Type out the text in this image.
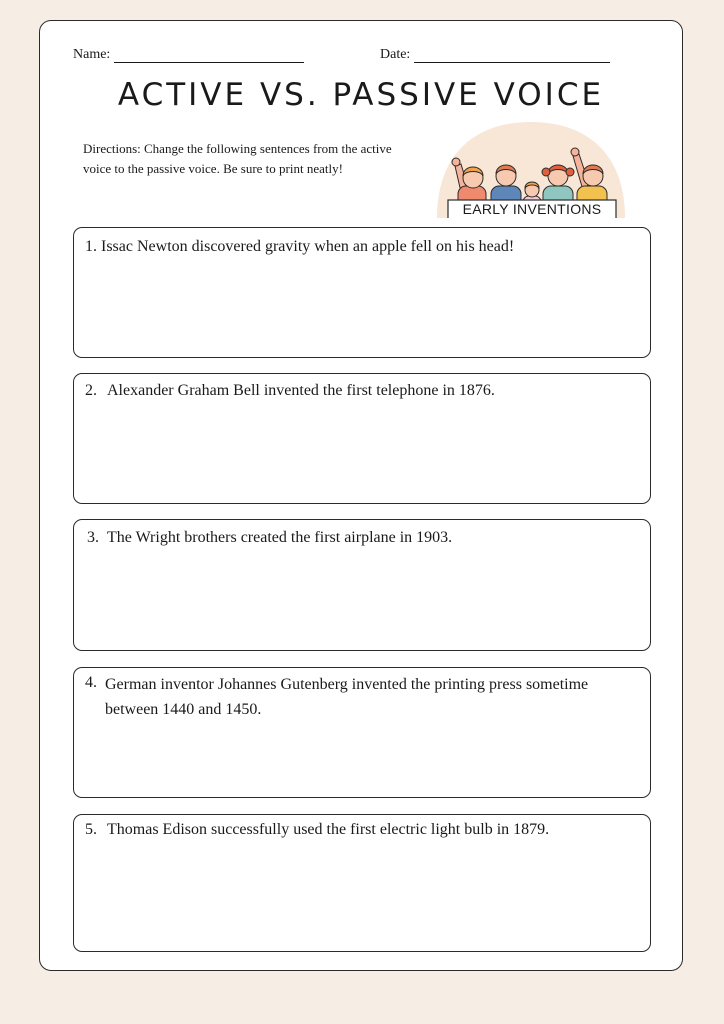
Name:	Date:
ACTIVE VS. PASSIVE VOICE
Directions: Change the following sentences from the active voice to the passive voice. Be sure to print neatly!
EARLY INVENTIONS
1. Issac Newton discovered gravity when an apple fell on his head!
2. Alexander Graham Bell invented the first telephone in 1876.
3. The Wright brothers created the first airplane in 1903.
4. German inventor Johannes Gutenberg invented the printing press sometime between 1440 and 1450.
5. Thomas Edison successfully used the first electric light bulb in 1879.
